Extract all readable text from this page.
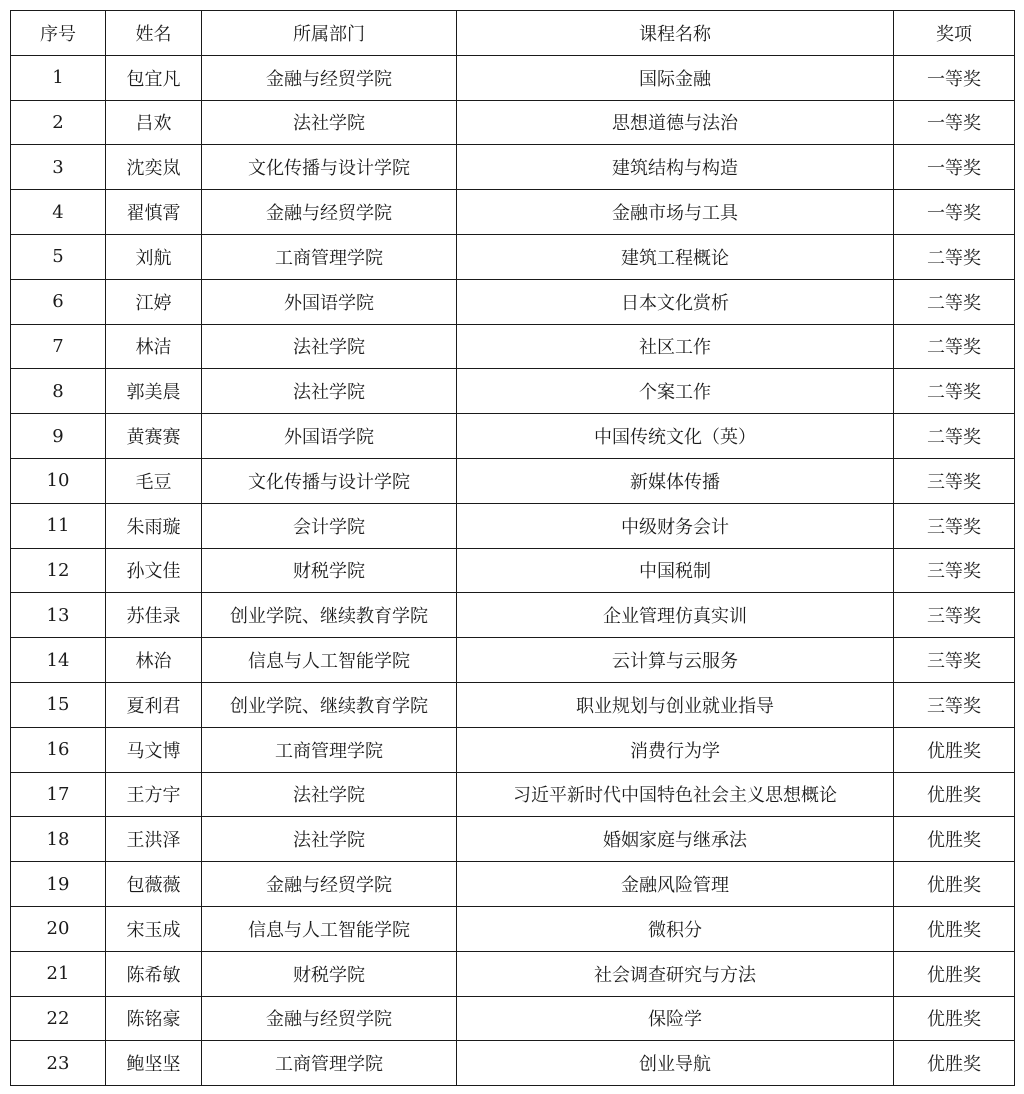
序号	姓名	所属部门	课程名称	奖项
1	包宜凡	金融与经贸学院	国际金融	一等奖
2	吕欢	法社学院	思想道德与法治	一等奖
3	沈奕岚	文化传播与设计学院	建筑结构与构造	一等奖
4	翟慎霄	金融与经贸学院	金融市场与工具	一等奖
5	刘航	工商管理学院	建筑工程概论	二等奖
6	江婷	外国语学院	日本文化赏析	二等奖
7	林洁	法社学院	社区工作	二等奖
8	郭美晨	法社学院	个案工作	二等奖
9	黄赛赛	外国语学院	中国传统文化（英）	二等奖
10	毛豆	文化传播与设计学院	新媒体传播	三等奖
11	朱雨璇	会计学院	中级财务会计	三等奖
12	孙文佳	财税学院	中国税制	三等奖
13	苏佳录	创业学院、继续教育学院	企业管理仿真实训	三等奖
14	林治	信息与人工智能学院	云计算与云服务	三等奖
15	夏利君	创业学院、继续教育学院	职业规划与创业就业指导	三等奖
16	马文博	工商管理学院	消费行为学	优胜奖
17	王方宇	法社学院	习近平新时代中国特色社会主义思想概论	优胜奖
18	王洪泽	法社学院	婚姻家庭与继承法	优胜奖
19	包薇薇	金融与经贸学院	金融风险管理	优胜奖
20	宋玉成	信息与人工智能学院	微积分	优胜奖
21	陈希敏	财税学院	社会调查研究与方法	优胜奖
22	陈铭豪	金融与经贸学院	保险学	优胜奖
23	鲍坚坚	工商管理学院	创业导航	优胜奖
